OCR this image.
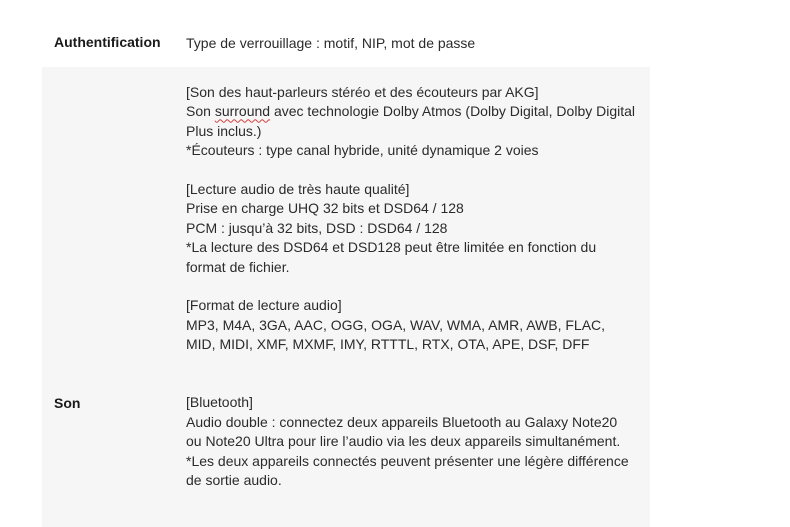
Authentification Type de verrouillage : motif, NIP, mot de passe
Son

[Son des haut-parleurs stéréo et des écouteurs par AKG]

Son surround avec technologie Dolby Atmos (Dolby Digital, Dolby Digital Plus inclus.)

*Écouteurs : type canal hybride, unité dynamique 2 voies

[Lecture audio de très haute qualité]

Prise en charge UHQ 32 bits et DSD64 / 128

PCM : jusqu’à 32 bits, DSD : DSD64 / 128

*La lecture des DSD64 et DSD128 peut être limitée en fonction du format de fichier.

[Format de lecture audio]

MP3, M4A, 3GA, AAC, OGG, OGA, WAV, WMA, AMR, AWB, FLAC, MID, MIDI, XMF, MXMF, IMY, RTTTL, RTX, OTA, APE, DSF, DFF

[Bluetooth]

Audio double : connectez deux appareils Bluetooth au Galaxy Note20 ou Note20 Ultra pour lire l’audio via les deux appareils simultanément.

*Les deux appareils connectés peuvent présenter une légère différence de sortie audio.
